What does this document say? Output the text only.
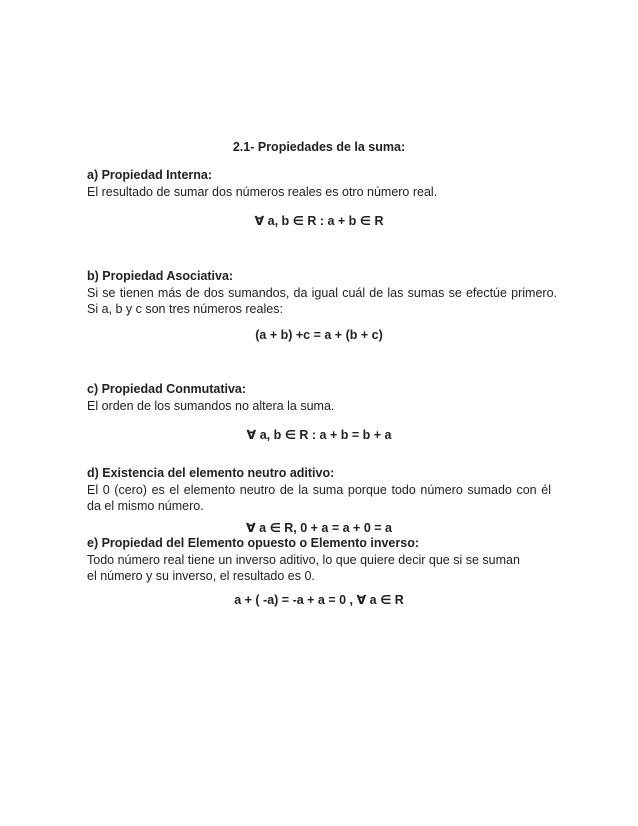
2.1- Propiedades de la suma:
a) Propiedad Interna:
El resultado de sumar dos números reales es otro número real.
∀ a, b ∈ R : a + b ∈ R
b) Propiedad Asociativa:
Si se tienen más de dos sumandos, da igual cuál de las sumas se efectúe primero. Si a, b y c son tres números reales:
(a + b) +c = a + (b + c)
c) Propiedad Conmutativa:
El orden de los sumandos no altera la suma.
∀ a, b ∈ R : a + b = b + a
d) Existencia del elemento neutro aditivo:
El 0 (cero) es el elemento neutro de la suma porque todo número sumado con él da el mismo número.
∀ a ∈ R, 0 + a = a + 0 = a
e) Propiedad del Elemento opuesto o Elemento inverso:
Todo número real tiene un inverso aditivo, lo que quiere decir que si se suman el número y su inverso, el resultado es 0.
a + ( -a) = -a + a = 0 , ∀ a ∈ R
